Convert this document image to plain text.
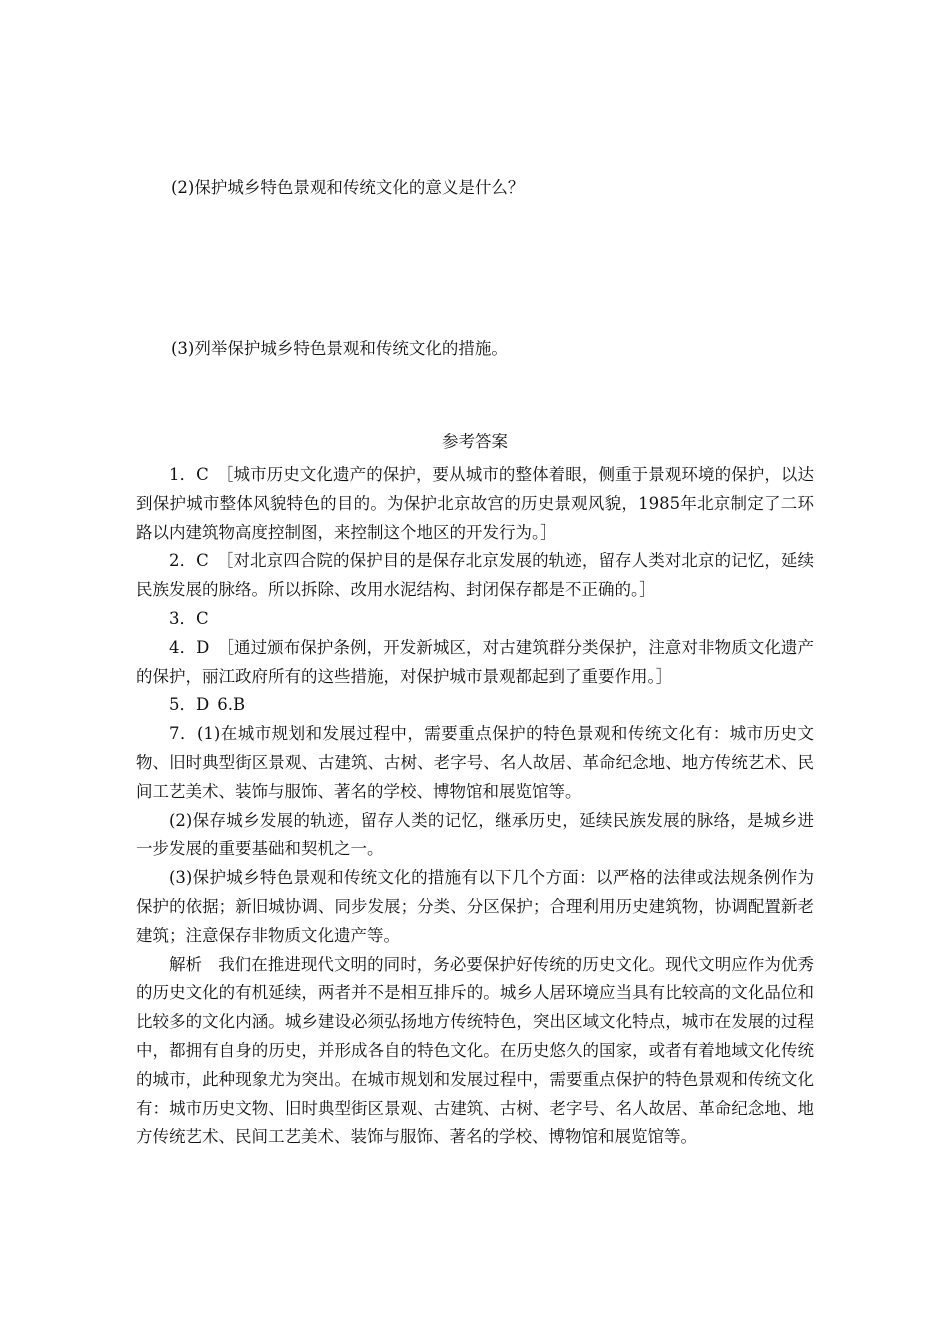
(2)保护城乡特色景观和传统文化的意义是什么？
(3)列举保护城乡特色景观和传统文化的措施。
参考答案

1．C ［城市历史文化遗产的保护，要从城市的整体着眼，侧重于景观环境的保护，以达到保护城市整体风貌特色的目的。为保护北京故宫的历史景观风貌，1985年北京制定了二环路以内建筑物高度控制图，来控制这个地区的开发行为。］

2．C ［对北京四合院的保护目的是保存北京发展的轨迹，留存人类对北京的记忆，延续民族发展的脉络。所以拆除、改用水泥结构、封闭保存都是不正确的。］

3．C

4．D ［通过颁布保护条例，开发新城区，对古建筑群分类保护，注意对非物质文化遗产的保护，丽江政府所有的这些措施，对保护城市景观都起到了重要作用。］

5．D 6.B

7．(1)在城市规划和发展过程中，需要重点保护的特色景观和传统文化有：城市历史文物、旧时典型街区景观、古建筑、古树、老字号、名人故居、革命纪念地、地方传统艺术、民间工艺美术、装饰与服饰、著名的学校、博物馆和展览馆等。

(2)保存城乡发展的轨迹，留存人类的记忆，继承历史，延续民族发展的脉络，是城乡进一步发展的重要基础和契机之一。

(3)保护城乡特色景观和传统文化的措施有以下几个方面：以严格的法律或法规条例作为保护的依据；新旧城协调、同步发展；分类、分区保护；合理利用历史建筑物，协调配置新老建筑；注意保存非物质文化遗产等。

解析 我们在推进现代文明的同时，务必要保护好传统的历史文化。现代文明应作为优秀的历史文化的有机延续，两者并不是相互排斥的。城乡人居环境应当具有比较高的文化品位和比较多的文化内涵。城乡建设必须弘扬地方传统特色，突出区域文化特点，城市在发展的过程中，都拥有自身的历史，并形成各自的特色文化。在历史悠久的国家，或者有着地域文化传统的城市，此种现象尤为突出。在城市规划和发展过程中，需要重点保护的特色景观和传统文化有：城市历史文物、旧时典型街区景观、古建筑、古树、老字号、名人故居、革命纪念地、地方传统艺术、民间工艺美术、装饰与服饰、著名的学校、博物馆和展览馆等。
